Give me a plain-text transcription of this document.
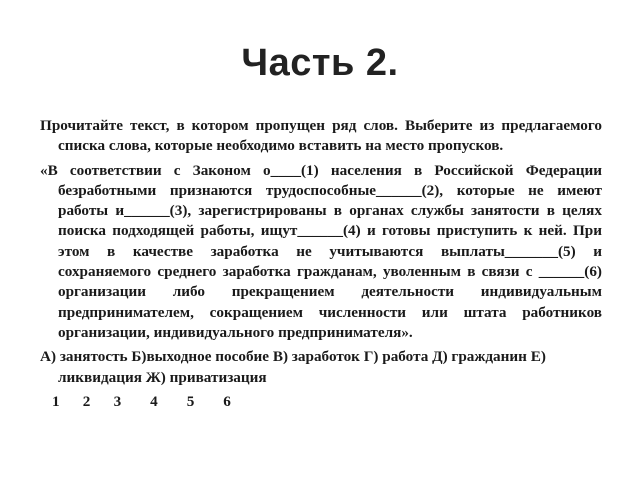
Часть 2.

Прочитайте текст, в котором пропущен ряд слов. Выберите из предлагаемого списка слова, которые необходимо вставить на место пропусков.

«В соответствии с Законом о____(1) населения в Российской Федерации безработными признаются трудоспособные______(2), которые не имеют работы и______(3), зарегистрированы в органах службы занятости в целях поиска подходящей работы, ищут______(4) и готовы приступить к ней. При этом в качестве заработка не учитываются выплаты_______(5) и сохраняемого среднего заработка гражданам, уволенным в связи с ______(6) организации либо прекращением деятельности индивидуальным предпринимателем, сокращением численности или штата работников организации, индивидуального предпринимателя».

А) занятость Б)выходное пособие В) заработок Г) работа Д) гражданин Е) ликвидация Ж) приватизация

1    2    3     4     5     6
